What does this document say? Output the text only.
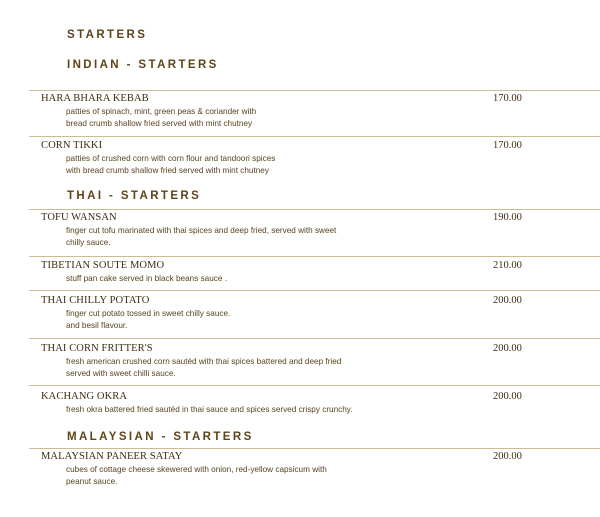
STARTERS
INDIAN - STARTERS
HARA BHARA KEBAB	170.00
patties of spinach, mint, green peas & coriander with
bread crumb shallow fried served with mint chutney
CORN TIKKI	170.00
patties of crushed corn with corn flour and tandoori spices
with bread crumb shallow fried served with mint chutney
THAI - STARTERS
TOFU WANSAN	190.00
finger cut tofu marinated with thai spices and deep fried, served with sweet
chilly sauce.
TIBETIAN SOUTE MOMO	210.00
stuff pan cake served in black beans sauce .
THAI CHILLY POTATO	200.00
finger cut potato tossed in sweet chilly sauce.
and besil flavour.
THAI CORN FRITTER'S	200.00
fresh american crushed corn sautéd with thai spices battered and deep fried
served with sweet chilli sauce.
KACHANG OKRA	200.00
fresh okra battered fried sautéd in thai sauce and spices served crispy crunchy.
MALAYSIAN - STARTERS
MALAYSIAN PANEER SATAY	200.00
cubes of cottage cheese skewered with onion, red-yellow capsicum with
peanut sauce.
